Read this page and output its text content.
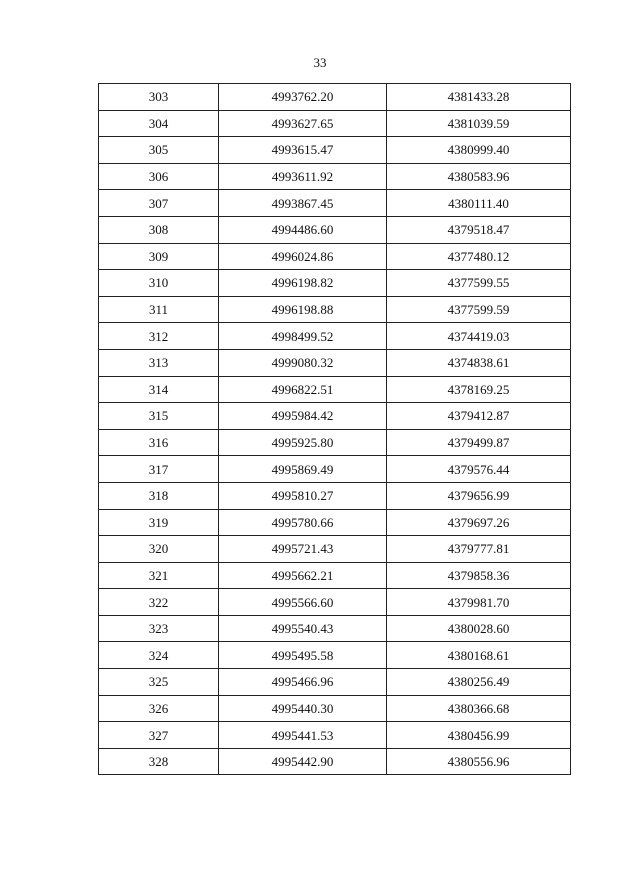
33
303	4993762.20	4381433.28
304	4993627.65	4381039.59
305	4993615.47	4380999.40
306	4993611.92	4380583.96
307	4993867.45	4380111.40
308	4994486.60	4379518.47
309	4996024.86	4377480.12
310	4996198.82	4377599.55
311	4996198.88	4377599.59
312	4998499.52	4374419.03
313	4999080.32	4374838.61
314	4996822.51	4378169.25
315	4995984.42	4379412.87
316	4995925.80	4379499.87
317	4995869.49	4379576.44
318	4995810.27	4379656.99
319	4995780.66	4379697.26
320	4995721.43	4379777.81
321	4995662.21	4379858.36
322	4995566.60	4379981.70
323	4995540.43	4380028.60
324	4995495.58	4380168.61
325	4995466.96	4380256.49
326	4995440.30	4380366.68
327	4995441.53	4380456.99
328	4995442.90	4380556.96
